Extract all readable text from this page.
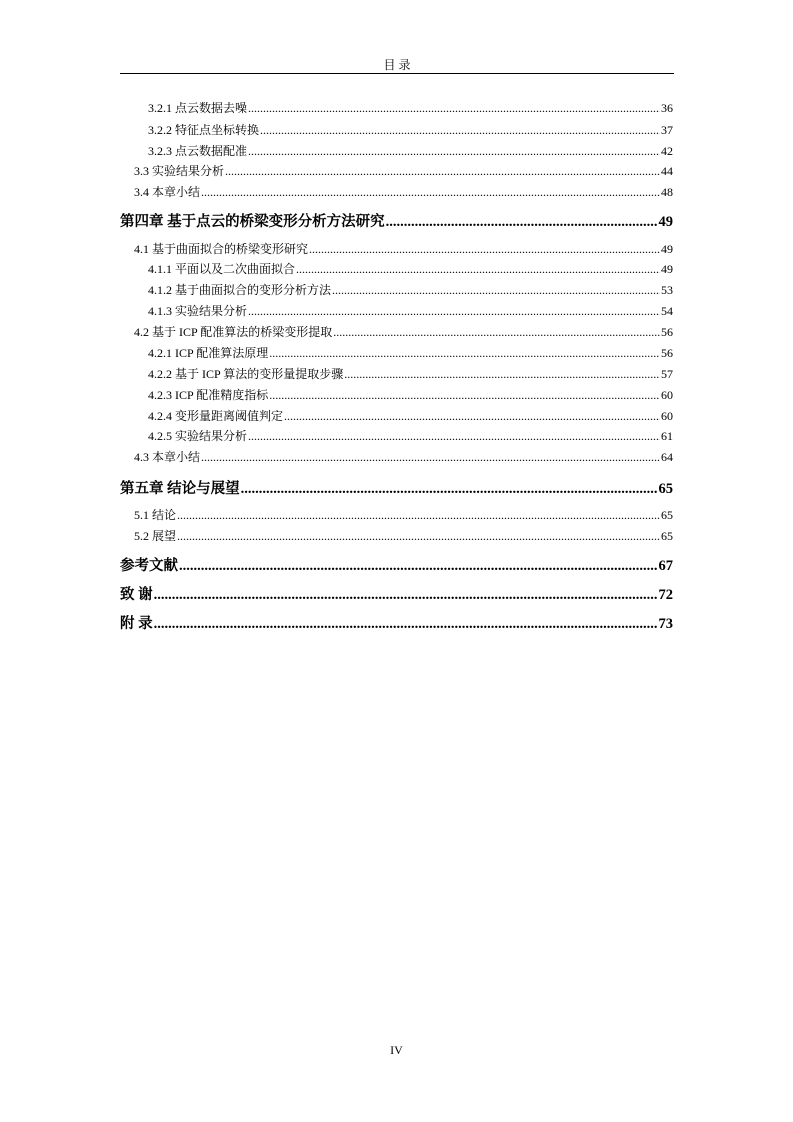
目 录
3.2.1 点云数据去噪 .....	36
3.2.2 特征点坐标转换 .....	37
3.2.3 点云数据配准 .....	42
3.3 实验结果分析 .....	44
3.4 本章小结 .....	48
第四章 基于点云的桥梁变形分析方法研究 .....	49
4.1 基于曲面拟合的桥梁变形研究 .....	49
4.1.1 平面以及二次曲面拟合 .....	49
4.1.2 基于曲面拟合的变形分析方法 .....	53
4.1.3 实验结果分析 .....	54
4.2 基于 ICP 配准算法的桥梁变形提取 .....	56
4.2.1 ICP 配准算法原理 .....	56
4.2.2 基于 ICP 算法的变形量提取步骤 .....	57
4.2.3 ICP 配准精度指标 .....	60
4.2.4 变形量距离阈值判定 .....	60
4.2.5 实验结果分析 .....	61
4.3 本章小结 .....	64
第五章 结论与展望 .....	65
5.1 结论 .....	65
5.2 展望 .....	65
参考文献 .....	67
致 谢 .....	72
附 录 .....	73
IV
